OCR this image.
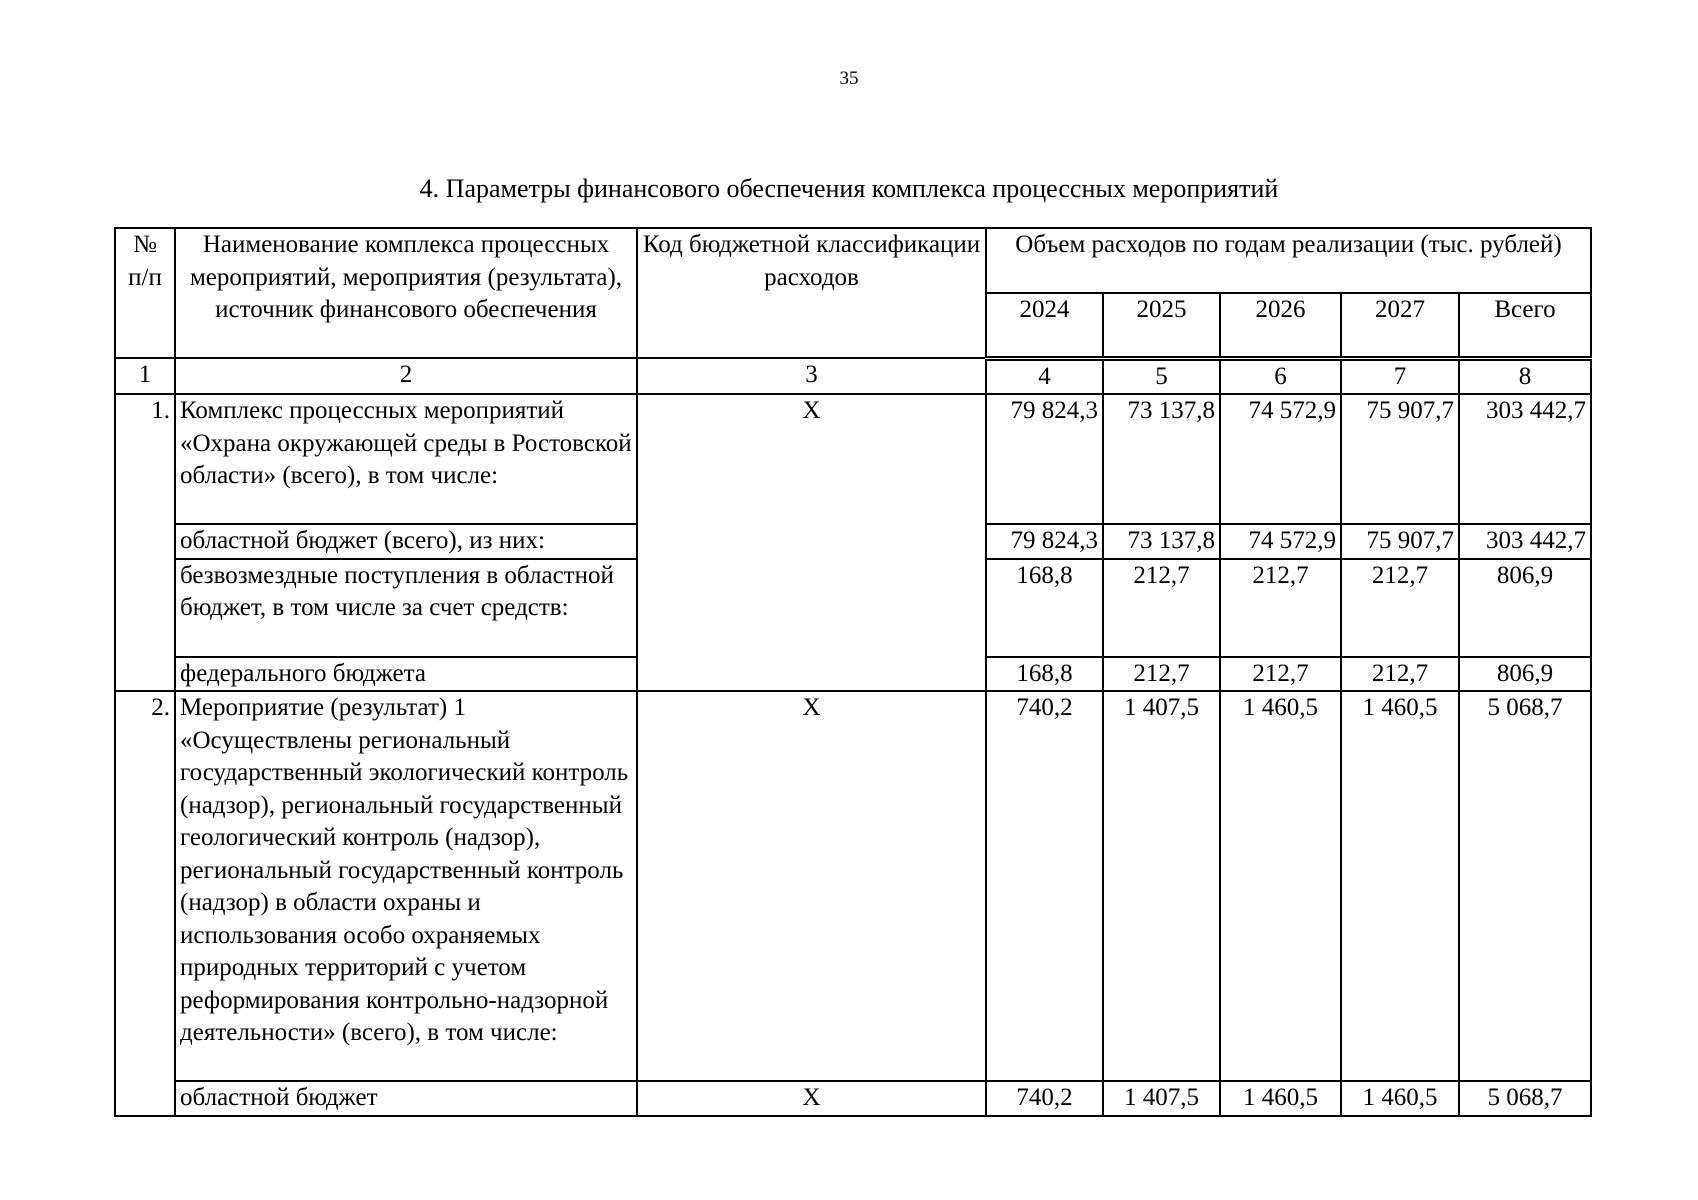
35
4. Параметры финансового обеспечения комплекса процессных мероприятий
№ п/п	Наименование комплекса процессных мероприятий, мероприятия (результата), источник финансового обеспечения	Код бюджетной классификации расходов	Объем расходов по годам реализации (тыс. рублей)				
			2024	2025	2026	2027	Всего
1	2	3	4	5	6	7	8
1.	Комплекс процессных мероприятий «Охрана окружающей среды в Ростовской области» (всего), в том числе:	X	79 824,3	73 137,8	74 572,9	75 907,7	303 442,7
	областной бюджет (всего), из них:		79 824,3	73 137,8	74 572,9	75 907,7	303 442,7
	безвозмездные поступления в областной бюджет, в том числе за счет средств:		168,8	212,7	212,7	212,7	806,9
	федерального бюджета		168,8	212,7	212,7	212,7	806,9
2.	Мероприятие (результат) 1 «Осуществлены региональный государственный экологический контроль (надзор), региональный государственный геологический контроль (надзор), региональный государственный контроль (надзор) в области охраны и использования особо охраняемых природных территорий с учетом реформирования контрольно-надзорной деятельности» (всего), в том числе:	X	740,2	1 407,5	1 460,5	1 460,5	5 068,7
	областной бюджет	X	740,2	1 407,5	1 460,5	1 460,5	5 068,7
